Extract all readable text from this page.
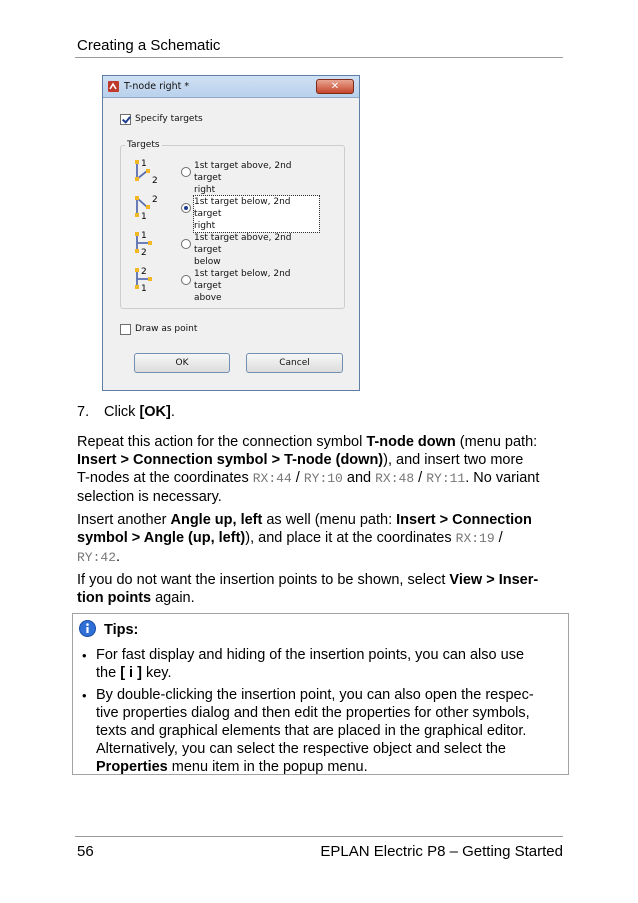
Creating a Schematic
T-node right *	✕
Specify targets
Targets
1
2
1st target above, 2nd target
right
2
1
1st target below, 2nd target
right
1
2
1st target above, 2nd target
below
2
1
1st target below, 2nd target
above
Draw as point
OK	Cancel
7. Click [OK].
Repeat this action for the connection symbol T-node down (menu path:
Insert > Connection symbol > T-node (down)), and insert two more
T-nodes at the coordinates RX:44 / RY:10 and RX:48 / RY:11. No variant
selection is necessary.
Insert another Angle up, left as well (menu path: Insert > Connection
symbol > Angle (up, left)), and place it at the coordinates RX:19 /
RY:42.
If you do not want the insertion points to be shown, select View > Inser-
tion points again.
Tips:
• For fast display and hiding of the insertion points, you can also use
the [ i ] key.
• By double-clicking the insertion point, you can also open the respec-
tive properties dialog and then edit the properties for other symbols,
texts and graphical elements that are placed in the graphical editor.
Alternatively, you can select the respective object and select the
Properties menu item in the popup menu.
56	EPLAN Electric P8 – Getting Started
